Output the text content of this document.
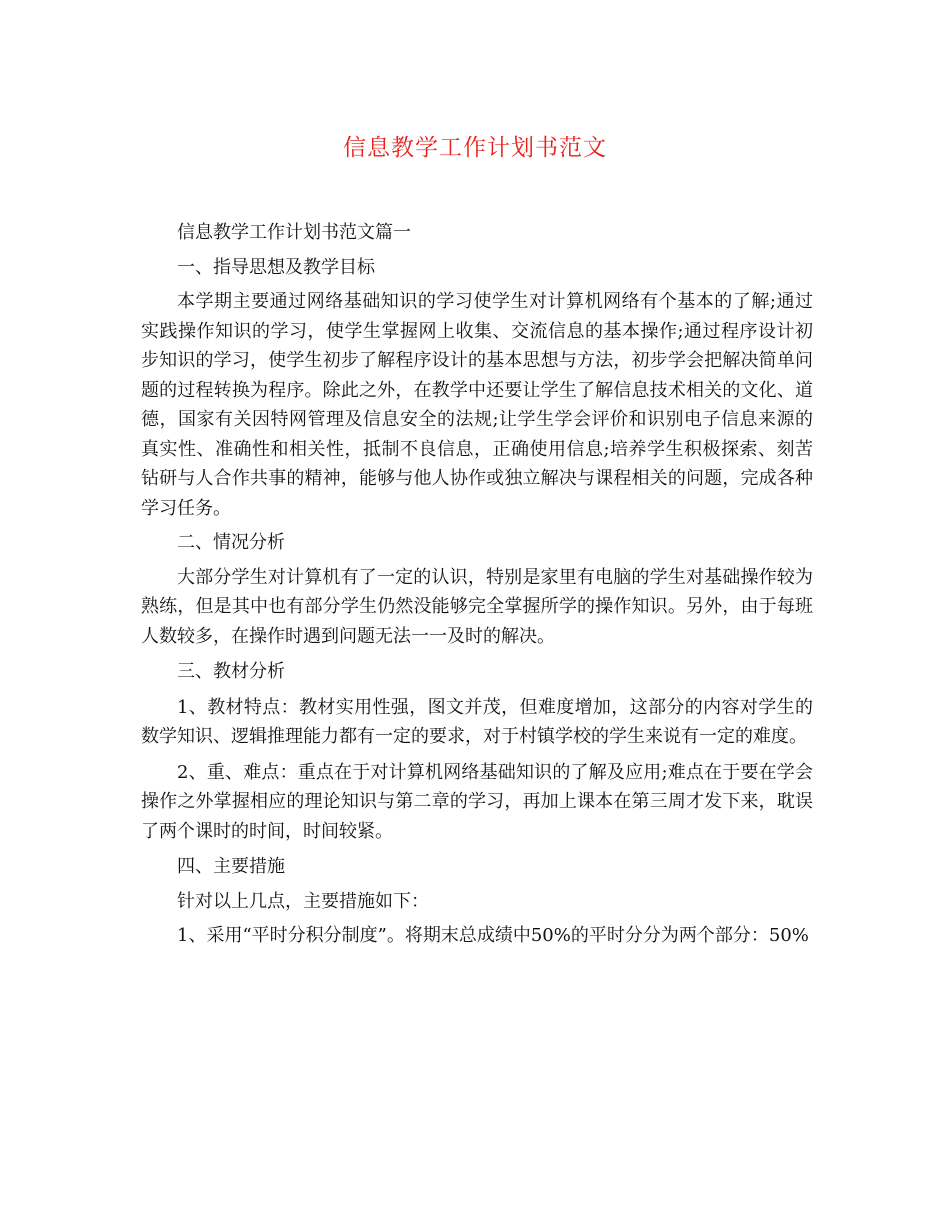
信息教学工作计划书范文

信息教学工作计划书范文篇一

一、指导思想及教学目标

本学期主要通过网络基础知识的学习使学生对计算机网络有个基本的了解;通过实践操作知识的学习，使学生掌握网上收集、交流信息的基本操作;通过程序设计初步知识的学习，使学生初步了解程序设计的基本思想与方法，初步学会把解决简单问题的过程转换为程序。除此之外，在教学中还要让学生了解信息技术相关的文化、道德，国家有关因特网管理及信息安全的法规;让学生学会评价和识别电子信息来源的真实性、准确性和相关性，抵制不良信息，正确使用信息;培养学生积极探索、刻苦钻研与人合作共事的精神，能够与他人协作或独立解决与课程相关的问题，完成各种学习任务。

二、情况分析

大部分学生对计算机有了一定的认识，特别是家里有电脑的学生对基础操作较为熟练，但是其中也有部分学生仍然没能够完全掌握所学的操作知识。另外，由于每班人数较多，在操作时遇到问题无法一一及时的解决。

三、教材分析

1、教材特点：教材实用性强，图文并茂，但难度增加，这部分的内容对学生的数学知识、逻辑推理能力都有一定的要求，对于村镇学校的学生来说有一定的难度。

2、重、难点：重点在于对计算机网络基础知识的了解及应用;难点在于要在学会操作之外掌握相应的理论知识与第二章的学习，再加上课本在第三周才发下来，耽误了两个课时的时间，时间较紧。

四、主要措施

针对以上几点，主要措施如下：

1、采用“平时分积分制度”。将期末总成绩中50%的平时分分为两个部分：50%
